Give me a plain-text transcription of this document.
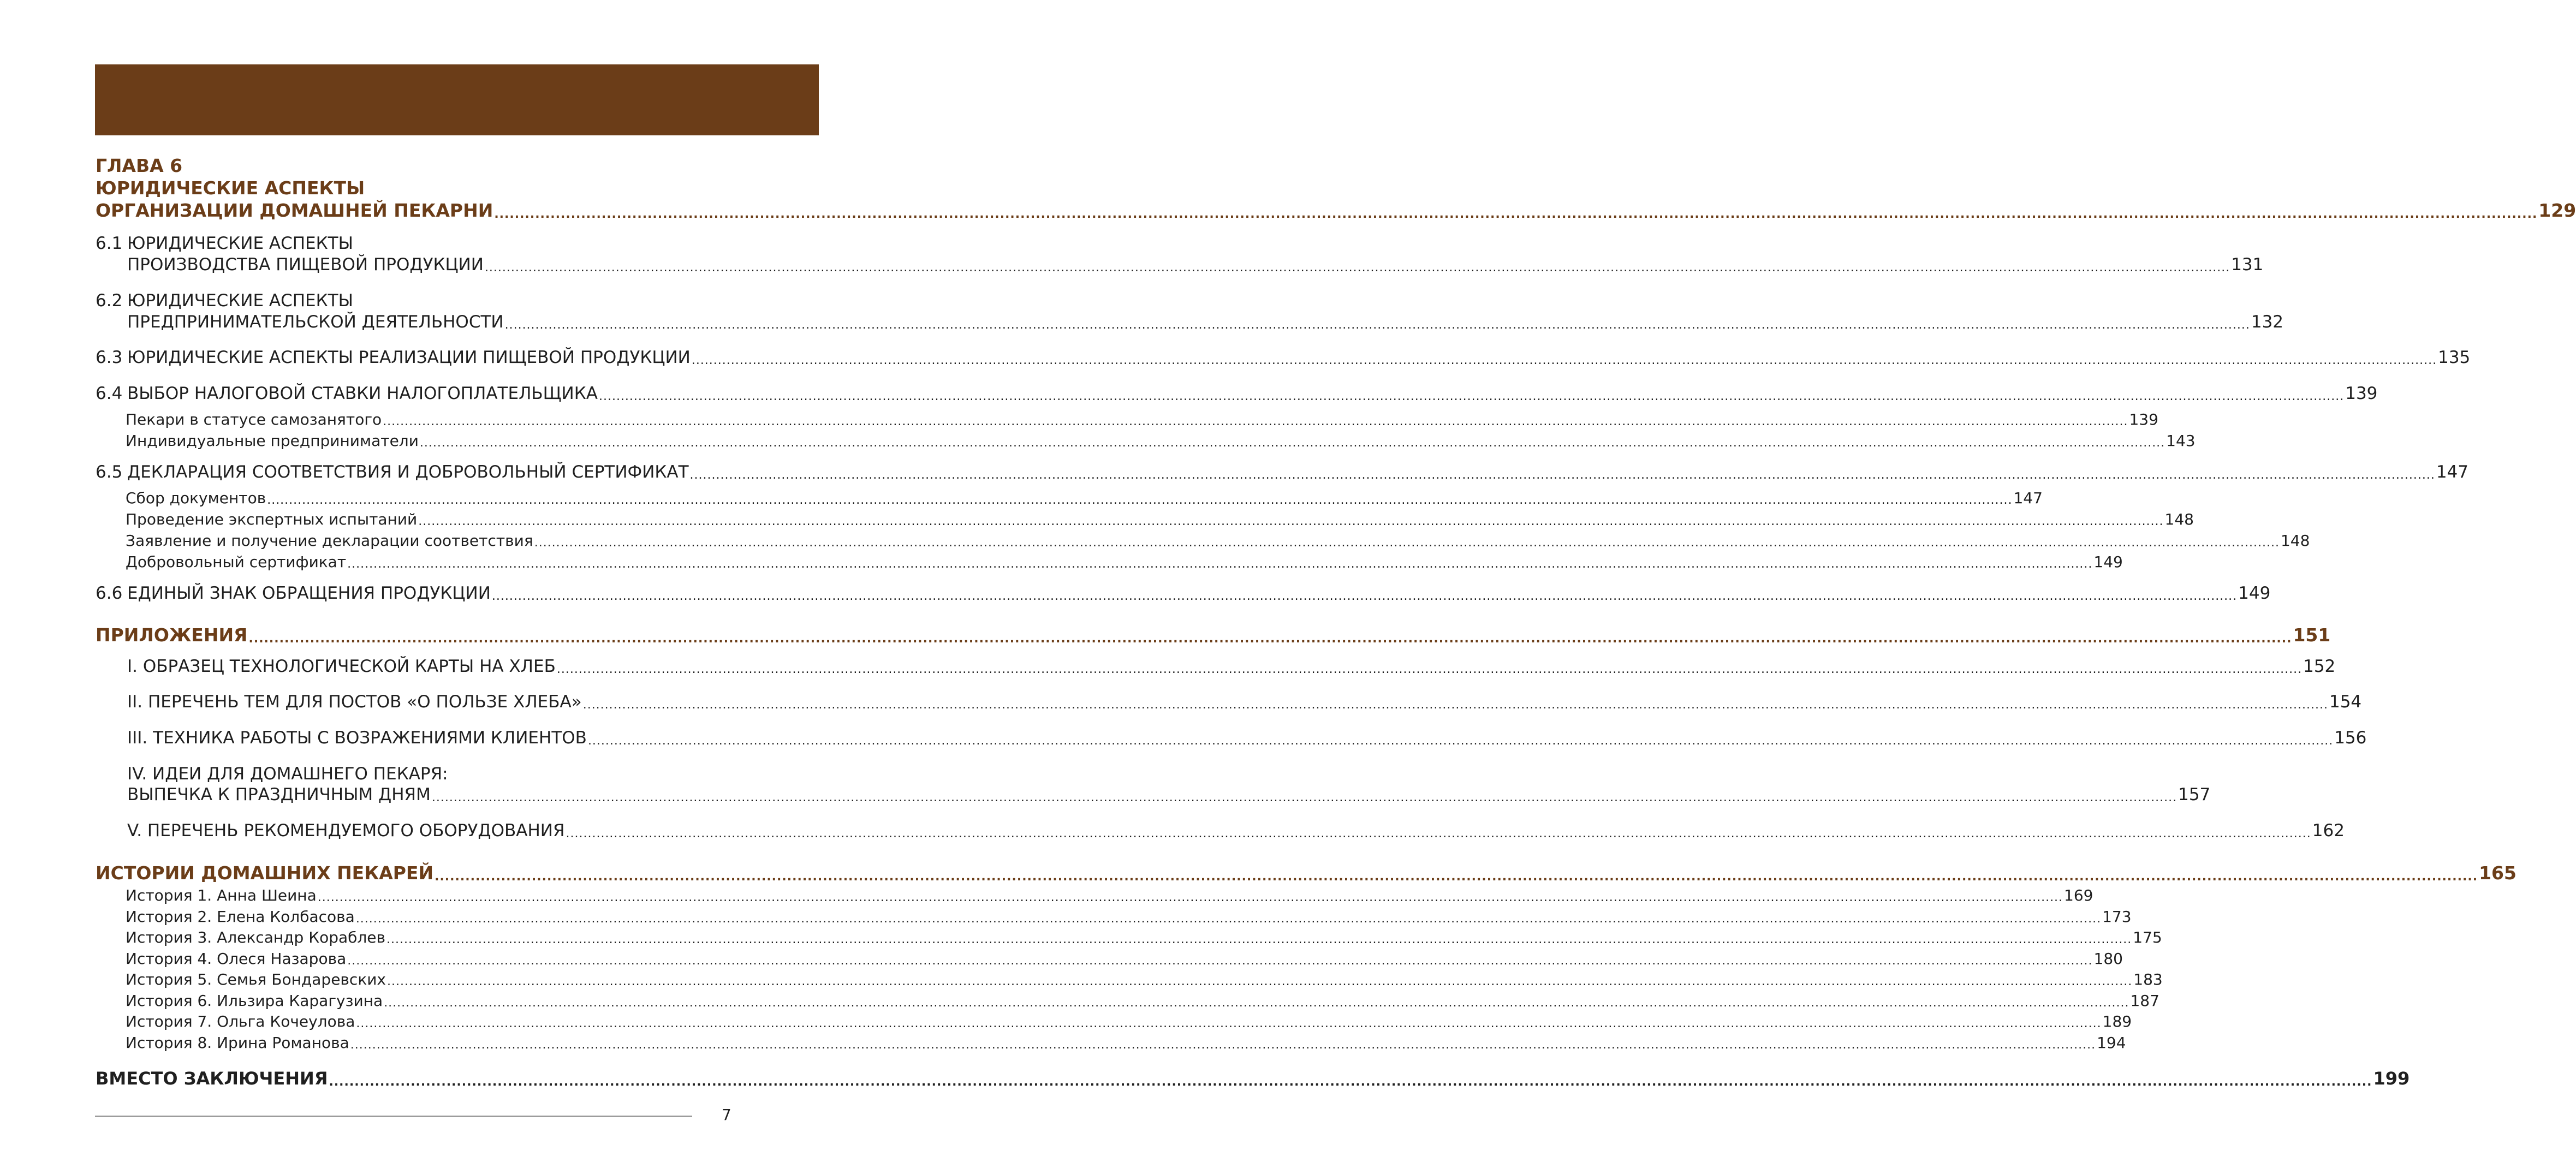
ГЛАВА 6
ЮРИДИЧЕСКИЕ АСПЕКТЫ
ОРГАНИЗАЦИИ ДОМАШНЕЙ ПЕКАРНИ ................................................................................................................................................................................................................................................................................................................................................................................................................ 129
6.1 ЮРИДИЧЕСКИЕ АСПЕКТЫ
ПРОИЗВОДСТВА ПИЩЕВОЙ ПРОДУКЦИИ ................................................................................................................................................................................................................................................................................................................................................................................................................ 131
6.2 ЮРИДИЧЕСКИЕ АСПЕКТЫ
ПРЕДПРИНИМАТЕЛЬСКОЙ ДЕЯТЕЛЬНОСТИ ................................................................................................................................................................................................................................................................................................................................................................................................................ 132
6.3 ЮРИДИЧЕСКИЕ АСПЕКТЫ РЕАЛИЗАЦИИ ПИЩЕВОЙ ПРОДУКЦИИ ................................................................................................................................................................................................................................................................................................................................................................................................................ 135
6.4 ВЫБОР НАЛОГОВОЙ СТАВКИ НАЛОГОПЛАТЕЛЬЩИКА ................................................................................................................................................................................................................................................................................................................................................................................................................ 139
Пекари в статусе самозанятого ................................................................................................................................................................................................................................................................................................................................................................................................................ 139
Индивидуальные предприниматели ................................................................................................................................................................................................................................................................................................................................................................................................................ 143
6.5 ДЕКЛАРАЦИЯ СООТВЕТСТВИЯ И ДОБРОВОЛЬНЫЙ СЕРТИФИКАТ ................................................................................................................................................................................................................................................................................................................................................................................................................ 147
Сбор документов ................................................................................................................................................................................................................................................................................................................................................................................................................ 147
Проведение экспертных испытаний ................................................................................................................................................................................................................................................................................................................................................................................................................ 148
Заявление и получение декларации соответствия ................................................................................................................................................................................................................................................................................................................................................................................................................ 148
Добровольный сертификат ................................................................................................................................................................................................................................................................................................................................................................................................................ 149
6.6 ЕДИНЫЙ ЗНАК ОБРАЩЕНИЯ ПРОДУКЦИИ ................................................................................................................................................................................................................................................................................................................................................................................................................ 149
ПРИЛОЖЕНИЯ ................................................................................................................................................................................................................................................................................................................................................................................................................ 151
I. ОБРАЗЕЦ ТЕХНОЛОГИЧЕСКОЙ КАРТЫ НА ХЛЕБ ................................................................................................................................................................................................................................................................................................................................................................................................................ 152
II. ПЕРЕЧЕНЬ ТЕМ ДЛЯ ПОСТОВ «О ПОЛЬЗЕ ХЛЕБА» ................................................................................................................................................................................................................................................................................................................................................................................................................ 154
III. ТЕХНИКА РАБОТЫ С ВОЗРАЖЕНИЯМИ КЛИЕНТОВ ................................................................................................................................................................................................................................................................................................................................................................................................................ 156
IV. ИДЕИ ДЛЯ ДОМАШНЕГО ПЕКАРЯ:
ВЫПЕЧКА К ПРАЗДНИЧНЫМ ДНЯМ ................................................................................................................................................................................................................................................................................................................................................................................................................ 157
V. ПЕРЕЧЕНЬ РЕКОМЕНДУЕМОГО ОБОРУДОВАНИЯ ................................................................................................................................................................................................................................................................................................................................................................................................................ 162
ИСТОРИИ ДОМАШНИХ ПЕКАРЕЙ ................................................................................................................................................................................................................................................................................................................................................................................................................ 165
История 1. Анна Шеина ................................................................................................................................................................................................................................................................................................................................................................................................................ 169
История 2. Елена Колбасова ................................................................................................................................................................................................................................................................................................................................................................................................................ 173
История 3. Александр Кораблев ................................................................................................................................................................................................................................................................................................................................................................................................................ 175
История 4. Олеся Назарова ................................................................................................................................................................................................................................................................................................................................................................................................................ 180
История 5. Семья Бондаревских ................................................................................................................................................................................................................................................................................................................................................................................................................ 183
История 6. Ильзира Карагузина ................................................................................................................................................................................................................................................................................................................................................................................................................ 187
История 7. Ольга Кочеулова ................................................................................................................................................................................................................................................................................................................................................................................................................ 189
История 8. Ирина Романова ................................................................................................................................................................................................................................................................................................................................................................................................................ 194
ВМЕСТО ЗАКЛЮЧЕНИЯ ................................................................................................................................................................................................................................................................................................................................................................................................................ 199
7
